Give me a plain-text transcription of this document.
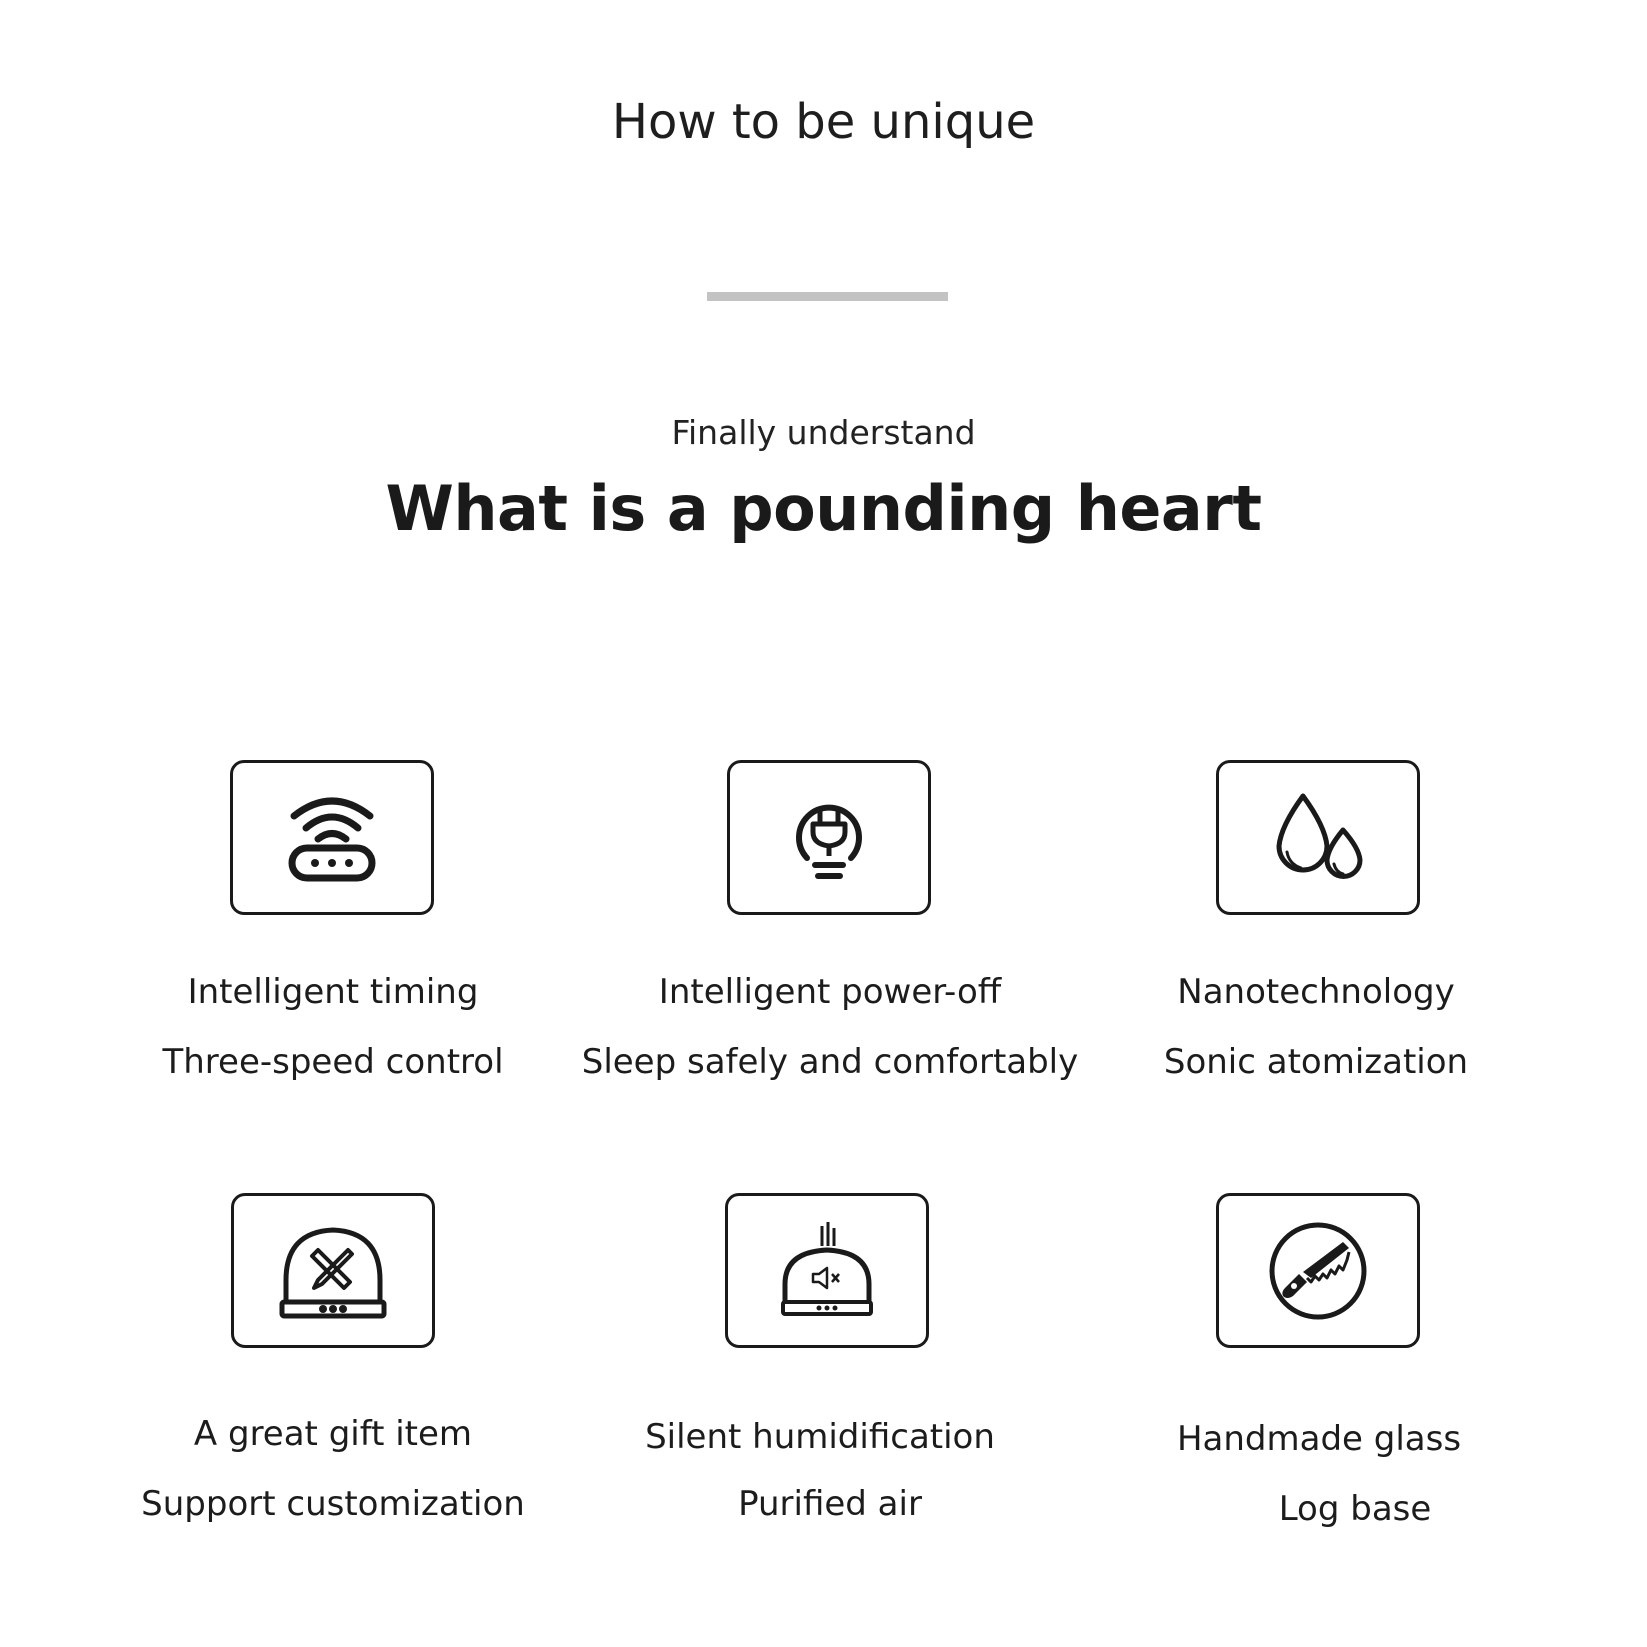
How to be unique
Finally understand
What is a pounding heart
Intelligent timing
Three-speed control
Intelligent power-off
Sleep safely and comfortably
Nanotechnology
Sonic atomization
A great gift item
Support customization
Silent humidification
Purified air
Handmade glass
Log base
